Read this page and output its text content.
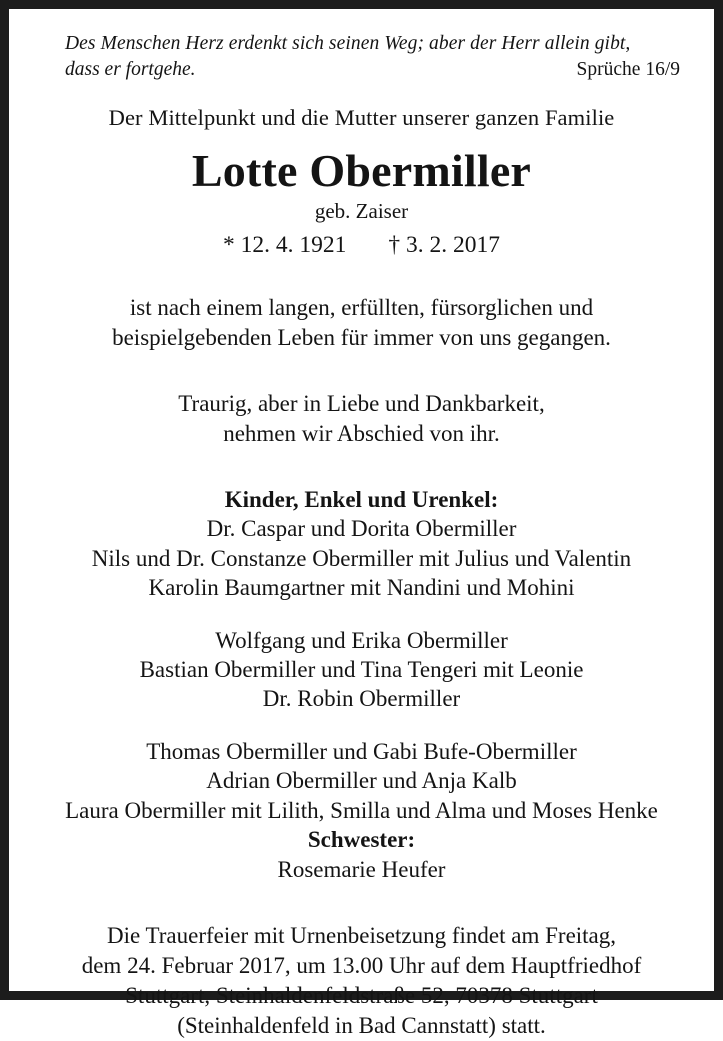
Des Menschen Herz erdenkt sich seinen Weg; aber der Herr allein gibt,
dass er fortgehe.	Sprüche 16/9
Der Mittelpunkt und die Mutter unserer ganzen Familie
Lotte Obermiller
geb. Zaiser
* 12. 4. 1921 † 3. 2. 2017
ist nach einem langen, erfüllten, fürsorglichen und
beispielgebenden Leben für immer von uns gegangen.
Traurig, aber in Liebe und Dankbarkeit,
nehmen wir Abschied von ihr.
Kinder, Enkel und Urenkel:
Dr. Caspar und Dorita Obermiller
Nils und Dr. Constanze Obermiller mit Julius und Valentin
Karolin Baumgartner mit Nandini und Mohini
Wolfgang und Erika Obermiller
Bastian Obermiller und Tina Tengeri mit Leonie
Dr. Robin Obermiller
Thomas Obermiller und Gabi Bufe-Obermiller
Adrian Obermiller und Anja Kalb
Laura Obermiller mit Lilith, Smilla und Alma und Moses Henke
Schwester:
Rosemarie Heufer
Die Trauerfeier mit Urnenbeisetzung findet am Freitag,
dem 24. Februar 2017, um 13.00 Uhr auf dem Hauptfriedhof
Stuttgart, Steinhaldenfeldstraße 52, 70378 Stuttgart
(Steinhaldenfeld in Bad Cannstatt) statt.
